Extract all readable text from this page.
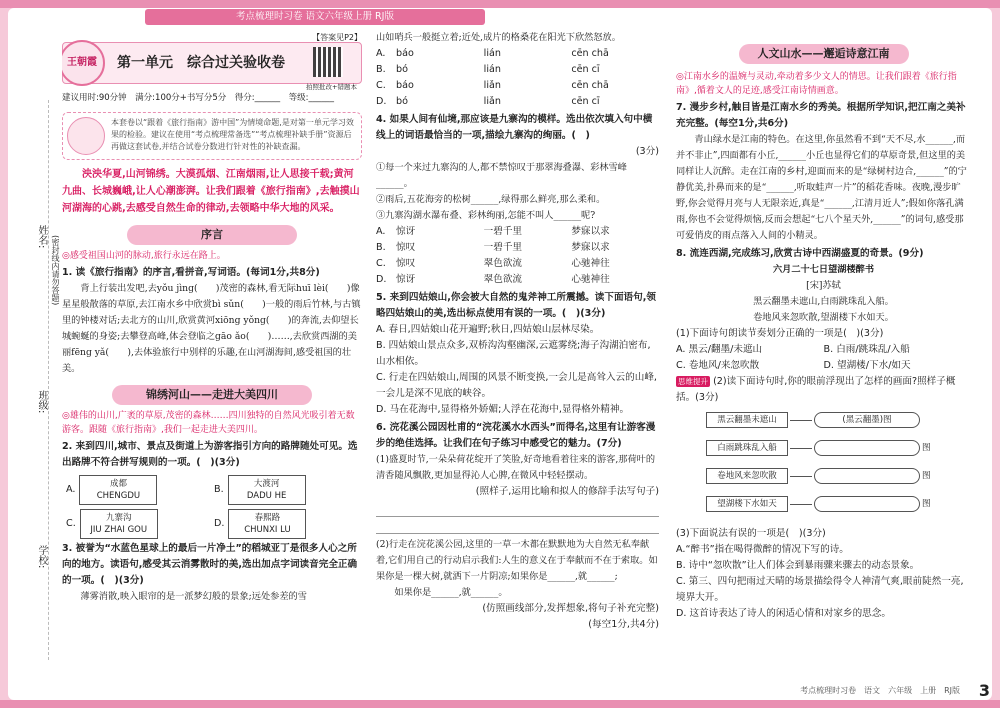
考点梳理时习卷 语文六年级上册 RJ版
姓名: (密封线内请勿答题)
班级:
学校:
【答案见P2】
王朝霞	第一单元　综合过关验收卷
拍照批改+错题本
建议用时:90分钟　满分:100分+书写分5分　得分:______　等级:______
本套卷以“跟着《旅行指南》游中国”为情境命题,是对第一单元学习效果的检验。建议在使用“考点梳理常备选”“考点梳理补缺手册”资源后再做这套试卷,并结合试卷分数进行针对性的补缺查漏。
泱泱华夏,山河锦绣。大漠孤烟、江南烟雨,让人思接千载;黄河九曲、长城巍峨,让人心潮澎湃。让我们跟着《旅行指南》,去触摸山河湖海的心跳,去感受自然生命的律动,去领略中华大地的风采。
序言
◎感受祖国山河的脉动,旅行永远在路上。
1. 读《旅行指南》的序言,看拼音,写词语。(每词1分,共8分)
背上行装出发吧,去yǒu jìng(　　)茂密的森林,看无际huī lèi(　　)像星星般散落的草原,去江南水乡中欣赏bì sǔn(　　)一般的雨后竹林,与古镇里的钟楼对话;去北方的山川,欣赏黄河xiōng yǒng(　　)的奔流,去仰望长城蜿蜒的身姿;去攀登高峰,体会登临之gāo ǎo(　　)……,去欣赏西湖的美丽fēng yǎ(　　),去体验旅行中别样的乐趣,在山河湖海间,感受祖国的壮美。
锦绣河山——走进大美四川
◎雄伟的山川,广袤的草原,茂密的森林……四川独特的自然风光吸引着无数游客。跟随《旅行指南》,我们一起走进大美四川。
2. 来到四川,城市、景点及街道上为游客指引方向的路牌随处可见。选出路牌不符合拼写规则的一项。(　)(3分)
A.	成都
CHENGDU
B.	大渡河
DADU HE
C.	九寨沟
JIU ZHAI GOU
D.	春熙路
CHUNXI LU
3. 被誉为“水蓝色星球上的最后一片净土”的稻城亚丁是很多人心之所向的地方。读语句,感受其云消雾散时的美,选出加点字词读音完全正确的一项。(　)(3分)
薄雾消散,映入眼帘的是一派梦幻般的景象;远处参差的雪
山如哨兵一般挺立着;近处,成片的格桑花在阳光下欣然怒放。
A.	báo	lián	cēn chā
B.	bó	lián	cēn cī
C.	báo	liǎn	cēn chā
D. bó	liǎn	cēn cī
4. 如果人间有仙境,那应该是九寨沟的模样。选出依次填入句中横线上的词语最恰当的一项,描绘九寨沟的绚丽。(　)
(3分)
①每一个来过九寨沟的人,都不禁惊叹于那翠海叠瀑、彩林雪峰______。
②雨后,五花海旁的松树______,绿得那么鲜亮,那么柔和。
③九寨沟湖水瀑布叠、彩林绚丽,怎能不叫人______呢?
A.	惊讶	一碧千里	梦寐以求
B.	惊叹	一碧千里	梦寐以求
C.	惊叹	翠色欲流	心驰神往
D. 惊讶	翠色欲流	心驰神往
5. 来到四姑娘山,你会被大自然的鬼斧神工所震撼。读下面语句,领略四姑娘山的美,选出标点使用有误的一项。(　)(3分)
A. 春日,四姑娘山花开遍野;秋日,四姑娘山层林尽染。
B. 四姑娘山景点众多,双桥沟沟壑幽深,云遮雾绕;海子沟湖泊密布,山水相依。
C. 行走在四姑娘山,周围的风景不断变换,一会儿是高耸入云的山峰,一会儿是深不见底的峡谷。
D. 马在花海中,显得格外娇媚;人浮在花海中,显得格外精神。
6. 浣花溪公园因杜甫的“浣花溪水水西头”而得名,这里有让游客漫步的绝佳选择。让我们在句子练习中感受它的魅力。(7分)
(1)盛夏时节,一朵朵荷花绽开了笑脸,好奇地看着往来的游客,那荷叶的清香随风飘散,更加显得沁人心脾,在微风中轻轻摆动。
(照样子,运用比喻和拟人的修辞手法写句子)
(2)行走在浣花溪公园,这里的一草一木都在默默地为大自然无私奉献着,它们用自己的行动启示我们:人生的意义在于奉献而不在于索取。如果你是一棵大树,就洒下一片阴凉;如果你是______,就______;
如果你是______,就______。
(仿照画线部分,发挥想象,将句子补充完整)
(每空1分,共4分)
人文山水——邂逅诗意江南
◎江南水乡的温婉与灵动,牵动着多少文人的情思。让我们跟着《旅行指南》,循着文人的足迹,感受江南诗情画意。
7. 漫步乡村,触目皆是江南水乡的秀美。根据所学知识,把江南之美补充完整。(每空1分,共6分)
青山绿水是江南的特色。在这里,你虽然看不到“天不尽,水______,而并不非止”,四面都有小丘,______小丘也显得它们的草原奇景,但这里的美同样让人沉醉。走在江南的乡村,迎面而来的是“绿树村边合,______”的宁静优美,扑鼻而来的是“______,听取蛙声一片”的稻花香味。夜晚,漫步旷野,你会觉得月亮与人无限亲近,真是“______,江清月近人”;假如你落孔满雨,你也不会觉得烦恼,反而会想起“七八个星天外,______”的词句,感受那可爱俏皮的雨点落入人间的小精灵。
8. 流连西湖,完成练习,欣赏古诗中西湖盛夏的奇景。(9分)
六月二十七日望湖楼醉书
[宋]苏轼
黑云翻墨未遮山,白雨跳珠乱入船。
卷地风来忽吹散,望湖楼下水如天。
(1)下面诗句朗读节奏划分正确的一项是(　)(3分)
A. 黑云/翻墨/未遮山	B. 白雨/跳珠乱/入船
C. 卷地风/来忽吹散	D. 望湖楼/下水/如天
思维提升 (2)读下面诗句时,你的眼前浮现出了怎样的画面?照样子概括。(3分)
黑云翻墨未遮山	(黑云翻墨)图
白雨跳珠乱入船	图
卷地风来忽吹散	图
望湖楼下水如天	图
(3)下面说法有误的一项是(　)(3分)
A.“醉书”指在喝得微醉的情况下写的诗。
B. 诗中“忽吹散”让人们体会到暴雨骤来骤去的动态景象。
C. 第三、四句把雨过天晴的场景描绘得令人神清气爽,眼前陡然一亮,境界大开。
D. 这首诗表达了诗人的闲适心情和对家乡的思念。
考点梳理时习卷　语文　六年级　上册　RJ版 3
